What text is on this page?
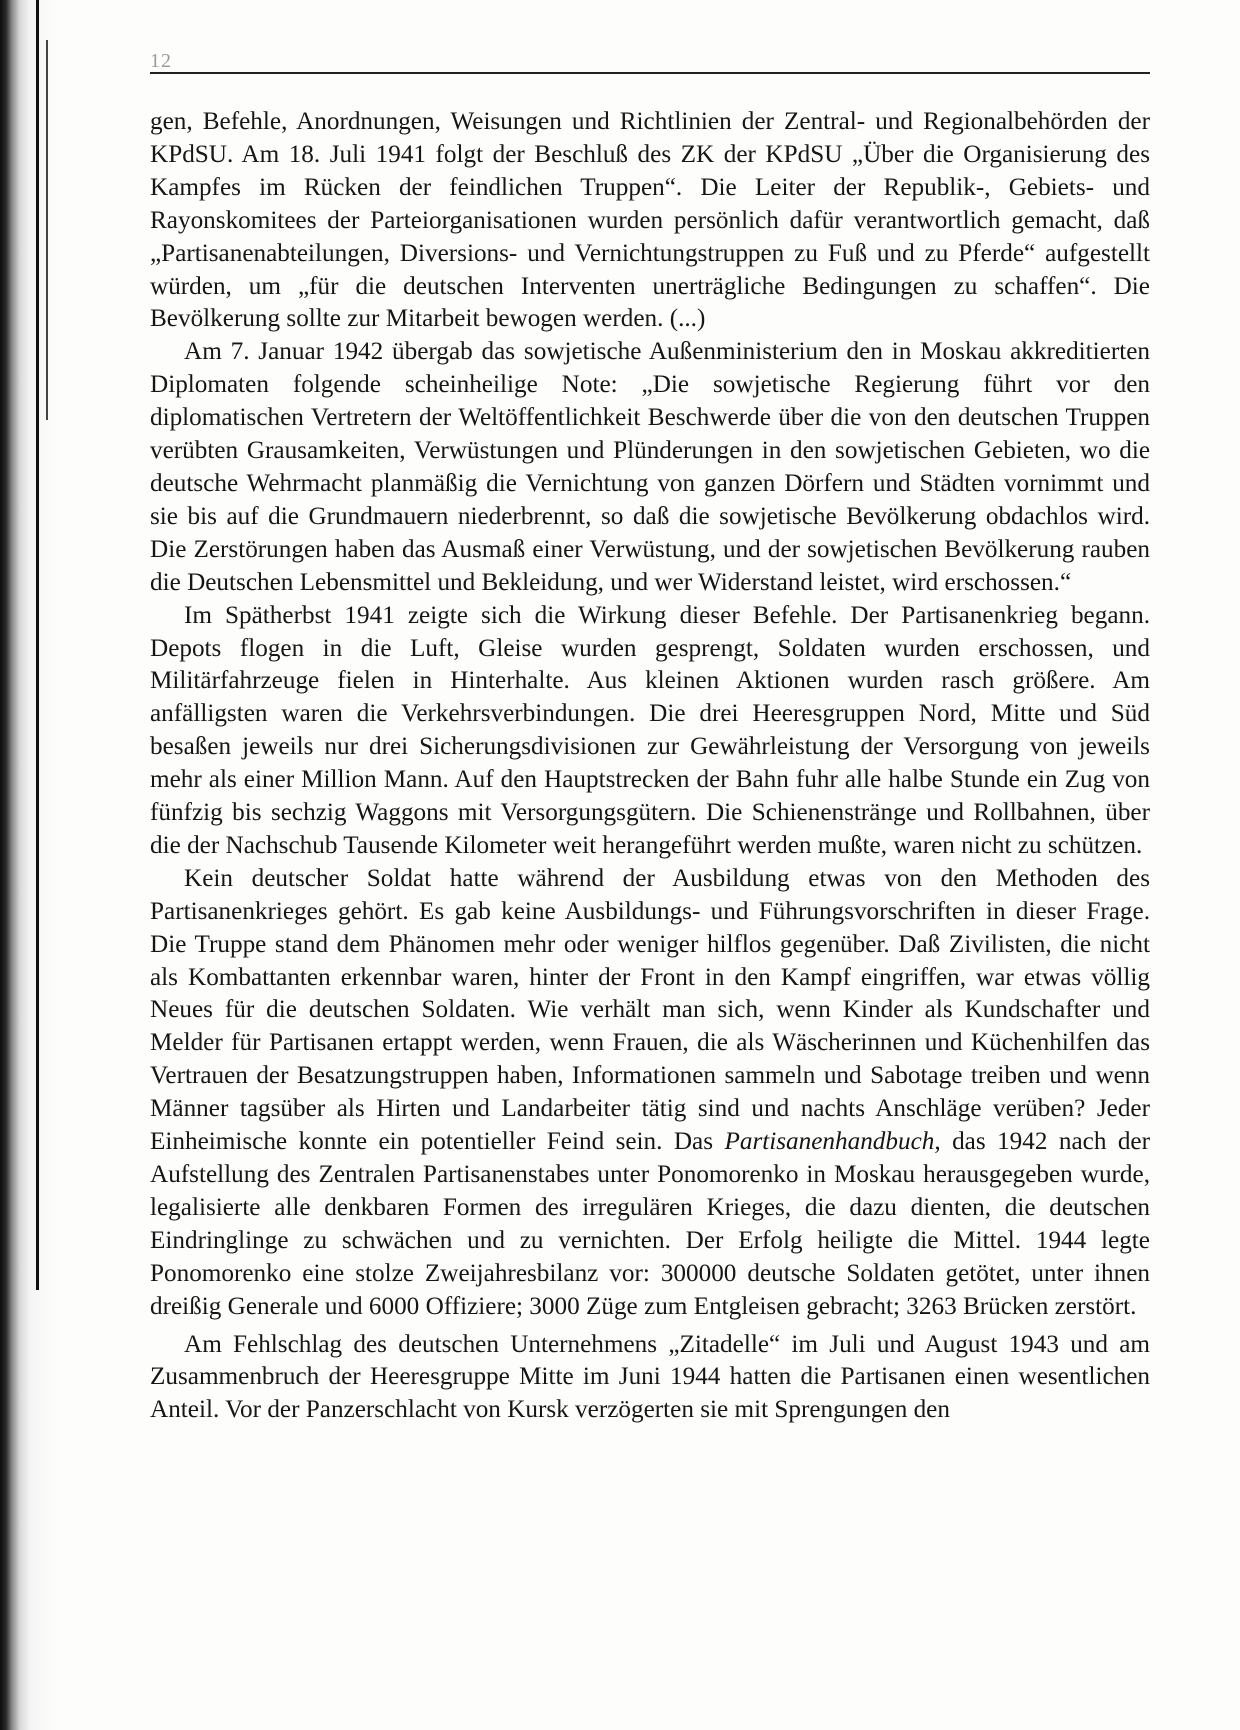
12

gen, Befehle, Anordnungen, Weisungen und Richtlinien der Zentral- und Regionalbehörden der KPdSU. Am 18. Juli 1941 folgt der Beschluß des ZK der KPdSU „Über die Organisierung des Kampfes im Rücken der feindlichen Truppen“. Die Leiter der Republik-, Gebiets- und Rayonskomitees der Parteiorganisationen wurden persönlich dafür verantwortlich gemacht, daß „Partisanenabteilungen, Diversions- und Vernichtungstruppen zu Fuß und zu Pferde“ aufgestellt würden, um „für die deutschen Interventen unerträgliche Bedingungen zu schaffen“. Die Bevölkerung sollte zur Mitarbeit bewogen werden. (...)

Am 7. Januar 1942 übergab das sowjetische Außenministerium den in Moskau akkreditierten Diplomaten folgende scheinheilige Note: „Die sowjetische Regierung führt vor den diplomatischen Vertretern der Weltöffentlichkeit Beschwerde über die von den deutschen Truppen verübten Grausamkeiten, Verwüstungen und Plünderungen in den sowjetischen Gebieten, wo die deutsche Wehrmacht planmäßig die Vernichtung von ganzen Dörfern und Städten vornimmt und sie bis auf die Grundmauern niederbrennt, so daß die sowjetische Bevölkerung obdachlos wird. Die Zerstörungen haben das Ausmaß einer Verwüstung, und der sowjetischen Bevölkerung rauben die Deutschen Lebensmittel und Bekleidung, und wer Widerstand leistet, wird erschossen.“

Im Spätherbst 1941 zeigte sich die Wirkung dieser Befehle. Der Partisanenkrieg begann. Depots flogen in die Luft, Gleise wurden gesprengt, Soldaten wurden erschossen, und Militärfahrzeuge fielen in Hinterhalte. Aus kleinen Aktionen wurden rasch größere. Am anfälligsten waren die Verkehrsverbindungen. Die drei Heeresgruppen Nord, Mitte und Süd besaßen jeweils nur drei Sicherungsdivisionen zur Gewährleistung der Versorgung von jeweils mehr als einer Million Mann. Auf den Hauptstrecken der Bahn fuhr alle halbe Stunde ein Zug von fünfzig bis sechzig Waggons mit Versorgungsgütern. Die Schienenstränge und Rollbahnen, über die der Nachschub Tausende Kilometer weit herangeführt werden mußte, waren nicht zu schützen.

Kein deutscher Soldat hatte während der Ausbildung etwas von den Methoden des Partisanenkrieges gehört. Es gab keine Ausbildungs- und Führungsvorschriften in dieser Frage. Die Truppe stand dem Phänomen mehr oder weniger hilflos gegenüber. Daß Zivilisten, die nicht als Kombattanten erkennbar waren, hinter der Front in den Kampf eingriffen, war etwas völlig Neues für die deutschen Soldaten. Wie verhält man sich, wenn Kinder als Kundschafter und Melder für Partisanen ertappt werden, wenn Frauen, die als Wäscherinnen und Küchenhilfen das Vertrauen der Besatzungstruppen haben, Informationen sammeln und Sabotage treiben und wenn Männer tagsüber als Hirten und Landarbeiter tätig sind und nachts Anschläge verüben? Jeder Einheimische konnte ein potentieller Feind sein. Das Partisanenhandbuch, das 1942 nach der Aufstellung des Zentralen Partisanenstabes unter Ponomorenko in Moskau herausgegeben wurde, legalisierte alle denkbaren Formen des irregulären Krieges, die dazu dienten, die deutschen Eindringlinge zu schwächen und zu vernichten. Der Erfolg heiligte die Mittel. 1944 legte Ponomorenko eine stolze Zweijahresbilanz vor: 300000 deutsche Soldaten getötet, unter ihnen dreißig Generale und 6000 Offiziere; 3000 Züge zum Entgleisen gebracht; 3263 Brücken zerstört.

Am Fehlschlag des deutschen Unternehmens „Zitadelle“ im Juli und August 1943 und am Zusammenbruch der Heeresgruppe Mitte im Juni 1944 hatten die Partisanen einen wesentlichen Anteil. Vor der Panzerschlacht von Kursk verzögerten sie mit Sprengungen den
